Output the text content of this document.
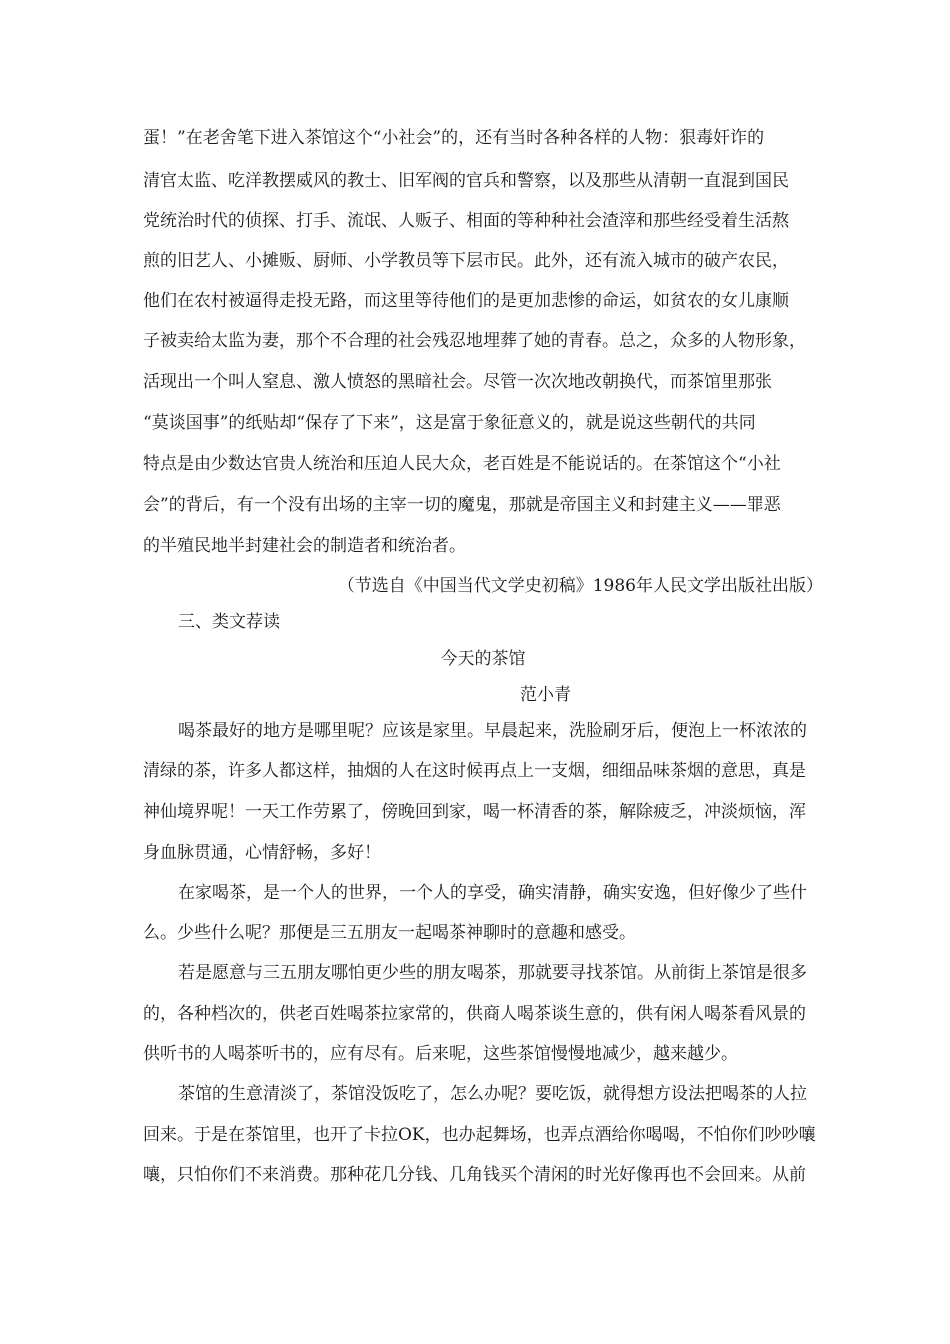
蛋！”在老舍笔下进入茶馆这个“小社会”的，还有当时各种各样的人物：狠毒奸诈的
清官太监、吃洋教摆威风的教士、旧军阀的官兵和警察，以及那些从清朝一直混到国民
党统治时代的侦探、打手、流氓、人贩子、相面的等种种社会渣滓和那些经受着生活熬
煎的旧艺人、小摊贩、厨师、小学教员等下层市民。此外，还有流入城市的破产农民，
他们在农村被逼得走投无路，而这里等待他们的是更加悲惨的命运，如贫农的女儿康顺
子被卖给太监为妻，那个不合理的社会残忍地埋葬了她的青春。总之，众多的人物形象，
活现出一个叫人窒息、激人愤怒的黑暗社会。尽管一次次地改朝换代，而茶馆里那张
“莫谈国事”的纸贴却“保存了下来”，这是富于象征意义的，就是说这些朝代的共同
特点是由少数达官贵人统治和压迫人民大众，老百姓是不能说话的。在茶馆这个“小社
会”的背后，有一个没有出场的主宰一切的魔鬼，那就是帝国主义和封建主义——罪恶
的半殖民地半封建社会的制造者和统治者。
（节选自《中国当代文学史初稿》1986年人民文学出版社出版）
三、类文荐读
今天的茶馆
范小青
喝茶最好的地方是哪里呢？应该是家里。早晨起来，洗脸刷牙后，便泡上一杯浓浓的
清绿的茶，许多人都这样，抽烟的人在这时候再点上一支烟，细细品味茶烟的意思，真是
神仙境界呢！一天工作劳累了，傍晚回到家，喝一杯清香的茶，解除疲乏，冲淡烦恼，浑
身血脉贯通，心情舒畅，多好！
在家喝茶，是一个人的世界，一个人的享受，确实清静，确实安逸，但好像少了些什
么。少些什么呢？那便是三五朋友一起喝茶神聊时的意趣和感受。
若是愿意与三五朋友哪怕更少些的朋友喝茶，那就要寻找茶馆。从前街上茶馆是很多
的，各种档次的，供老百姓喝茶拉家常的，供商人喝茶谈生意的，供有闲人喝茶看风景的
供听书的人喝茶听书的，应有尽有。后来呢，这些茶馆慢慢地减少，越来越少。
茶馆的生意清淡了，茶馆没饭吃了，怎么办呢？要吃饭，就得想方设法把喝茶的人拉
回来。于是在茶馆里，也开了卡拉OK，也办起舞场，也弄点酒给你喝喝，不怕你们吵吵嚷
嚷，只怕你们不来消费。那种花几分钱、几角钱买个清闲的时光好像再也不会回来。从前
